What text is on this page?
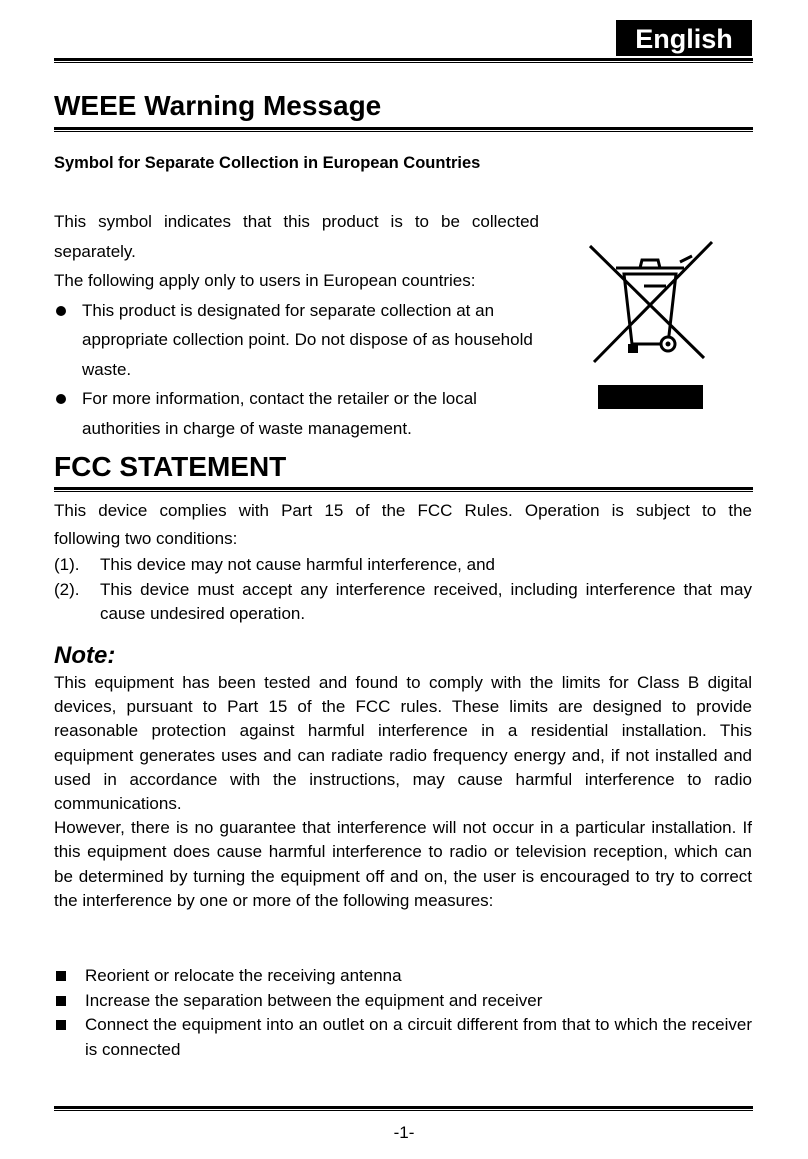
English
WEEE Warning Message
Symbol for Separate Collection in European Countries
This symbol indicates that this product is to be collected
separately.
The following apply only to users in European countries:
This product is designated for separate collection at an appropriate collection point. Do not dispose of as household waste.
For more information, contact the retailer or the local authorities in charge of waste management.
FCC STATEMENT
This device complies with Part 15 of the FCC Rules. Operation is subject to the
following two conditions:
(1). This device may not cause harmful interference, and
(2). This device must accept any interference received, including interference that may cause undesired operation.
Note:
This equipment has been tested and found to comply with the limits for Class B digital devices, pursuant to Part 15 of the FCC rules. These limits are designed to provide reasonable protection against harmful interference in a residential installation. This equipment generates uses and can radiate radio frequency energy and, if not installed and used in accordance with the instructions, may cause harmful interference to radio communications.
However, there is no guarantee that interference will not occur in a particular installation. If this equipment does cause harmful interference to radio or television reception, which can be determined by turning the equipment off and on, the user is encouraged to try to correct the interference by one or more of the following measures:
Reorient or relocate the receiving antenna
Increase the separation between the equipment and receiver
Connect the equipment into an outlet on a circuit different from that to which the receiver is connected
-1-
